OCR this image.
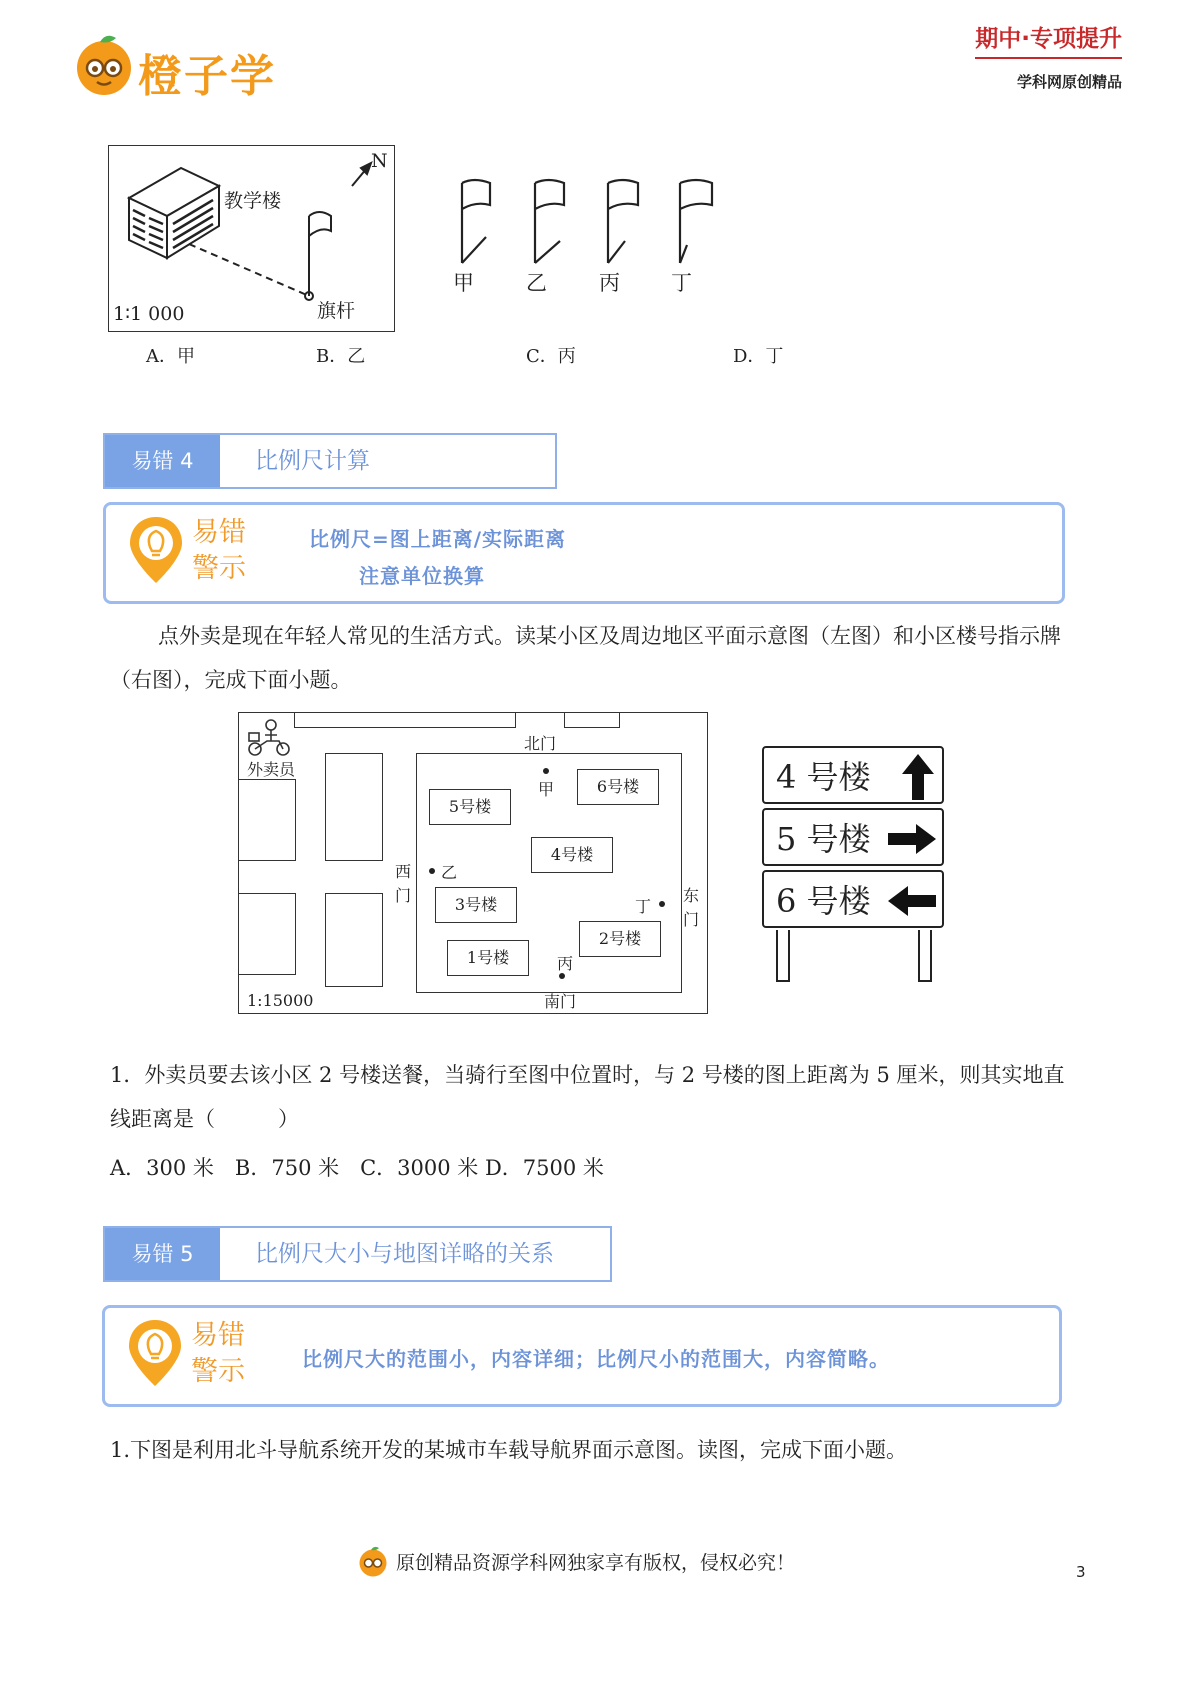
橙子学
期中·专项提升
学科网原创精品
教学楼
N
旗杆
1∶1 000
甲 乙 丙 丁
A．甲	B．乙	C．丙	D．丁
易错 4	比例尺计算
易错
警示
比例尺=图上距离/实际距离
注意单位换算
点外卖是现在年轻人常见的生活方式。读某小区及周边地区平面示意图（左图）和小区楼号指示牌（右图），完成下面小题。
外卖员
北门
南门
西
门	东
门
甲
乙
丁
丙
5号楼
6号楼
4号楼
3号楼
2号楼
1号楼
1:15000
4 号楼
5 号楼
6 号楼
1．外卖员要去该小区 2 号楼送餐，当骑行至图中位置时，与 2 号楼的图上距离为 5 厘米，则其实地直线距离是（　　　）
A．300 米　B．750 米　C．3000 米 D．7500 米
易错 5	比例尺大小与地图详略的关系
易错
警示	比例尺大的范围小，内容详细；比例尺小的范围大，内容简略。
1.下图是利用北斗导航系统开发的某城市车载导航界面示意图。读图，完成下面小题。
原创精品资源学科网独家享有版权，侵权必究！	3
